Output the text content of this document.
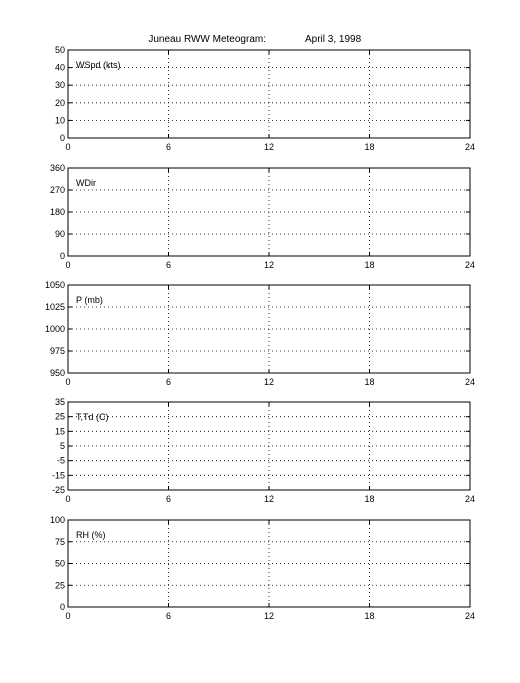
Juneau RWW Meteogram:	April 3, 1998
0	6	12	18	24
0
10
20
30
40
50
WSpd (kts)
0	6	12	18	24
0
90
180
270
360
WDir
0	6	12	18	24
950
975
1000
1025
1050
P (mb)
0	6	12	18	24
-25
-15
-5
5
15
25
35
T,Td (C)
0	6	12	18	24
0
25
50
75
100
RH (%)
